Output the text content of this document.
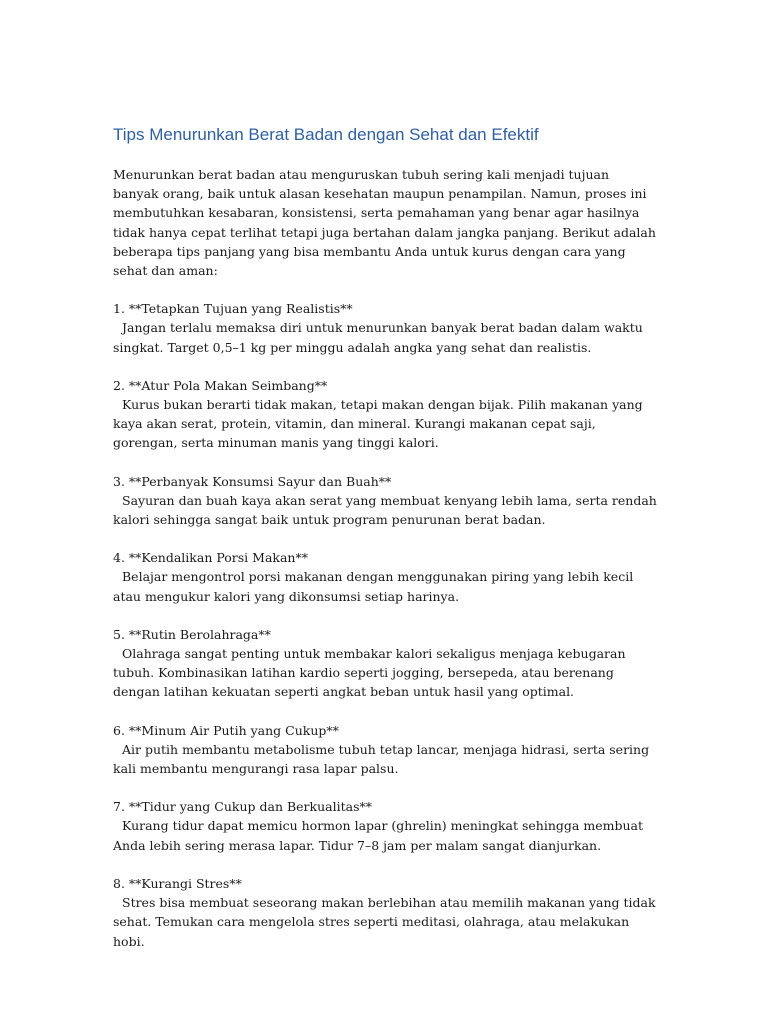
Tips Menurunkan Berat Badan dengan Sehat dan Efektif

Menurunkan berat badan atau menguruskan tubuh sering kali menjadi tujuan banyak orang, baik untuk alasan kesehatan maupun penampilan. Namun, proses ini membutuhkan kesabaran, konsistensi, serta pemahaman yang benar agar hasilnya tidak hanya cepat terlihat tetapi juga bertahan dalam jangka panjang. Berikut adalah beberapa tips panjang yang bisa membantu Anda untuk kurus dengan cara yang sehat dan aman:

1. **Tetapkan Tujuan yang Realistis**
Jangan terlalu memaksa diri untuk menurunkan banyak berat badan dalam waktu singkat. Target 0,5–1 kg per minggu adalah angka yang sehat dan realistis.
2. **Atur Pola Makan Seimbang**
Kurus bukan berarti tidak makan, tetapi makan dengan bijak. Pilih makanan yang kaya akan serat, protein, vitamin, dan mineral. Kurangi makanan cepat saji, gorengan, serta minuman manis yang tinggi kalori.
3. **Perbanyak Konsumsi Sayur dan Buah**
Sayuran dan buah kaya akan serat yang membuat kenyang lebih lama, serta rendah kalori sehingga sangat baik untuk program penurunan berat badan.
4. **Kendalikan Porsi Makan**
Belajar mengontrol porsi makanan dengan menggunakan piring yang lebih kecil atau mengukur kalori yang dikonsumsi setiap harinya.
5. **Rutin Berolahraga**
Olahraga sangat penting untuk membakar kalori sekaligus menjaga kebugaran tubuh. Kombinasikan latihan kardio seperti jogging, bersepeda, atau berenang dengan latihan kekuatan seperti angkat beban untuk hasil yang optimal.
6. **Minum Air Putih yang Cukup**
Air putih membantu metabolisme tubuh tetap lancar, menjaga hidrasi, serta sering kali membantu mengurangi rasa lapar palsu.
7. **Tidur yang Cukup dan Berkualitas**
Kurang tidur dapat memicu hormon lapar (ghrelin) meningkat sehingga membuat Anda lebih sering merasa lapar. Tidur 7–8 jam per malam sangat dianjurkan.
8. **Kurangi Stres**
Stres bisa membuat seseorang makan berlebihan atau memilih makanan yang tidak sehat. Temukan cara mengelola stres seperti meditasi, olahraga, atau melakukan hobi.
